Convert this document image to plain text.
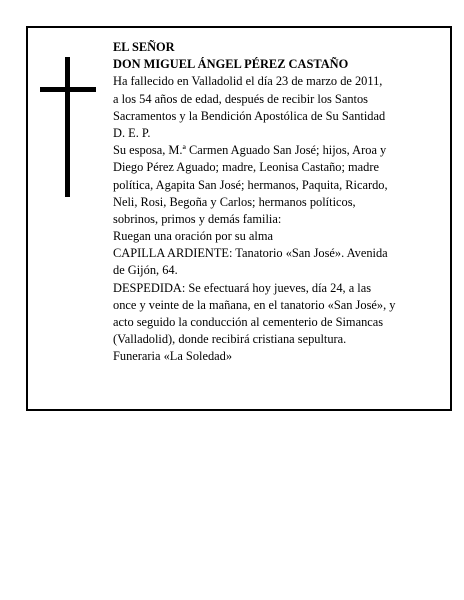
EL SEÑOR
DON MIGUEL ÁNGEL PÉREZ CASTAÑO
Ha fallecido en Valladolid el día 23 de marzo de 2011,
a los 54 años de edad, después de recibir los Santos
Sacramentos y la Bendición Apostólica de Su Santidad
D. E. P.
Su esposa, M.ª Carmen Aguado San José; hijos, Aroa y
Diego Pérez Aguado; madre, Leonisa Castaño; madre
política, Agapita San José; hermanos, Paquita, Ricardo,
Neli, Rosi, Begoña y Carlos; hermanos políticos,
sobrinos, primos y demás familia:
Ruegan una oración por su alma
CAPILLA ARDIENTE: Tanatorio «San José». Avenida
de Gijón, 64.
DESPEDIDA: Se efectuará hoy jueves, día 24, a las
once y veinte de la mañana, en el tanatorio «San José», y
acto seguido la conducción al cementerio de Simancas
(Valladolid), donde recibirá cristiana sepultura.
Funeraria «La Soledad»
